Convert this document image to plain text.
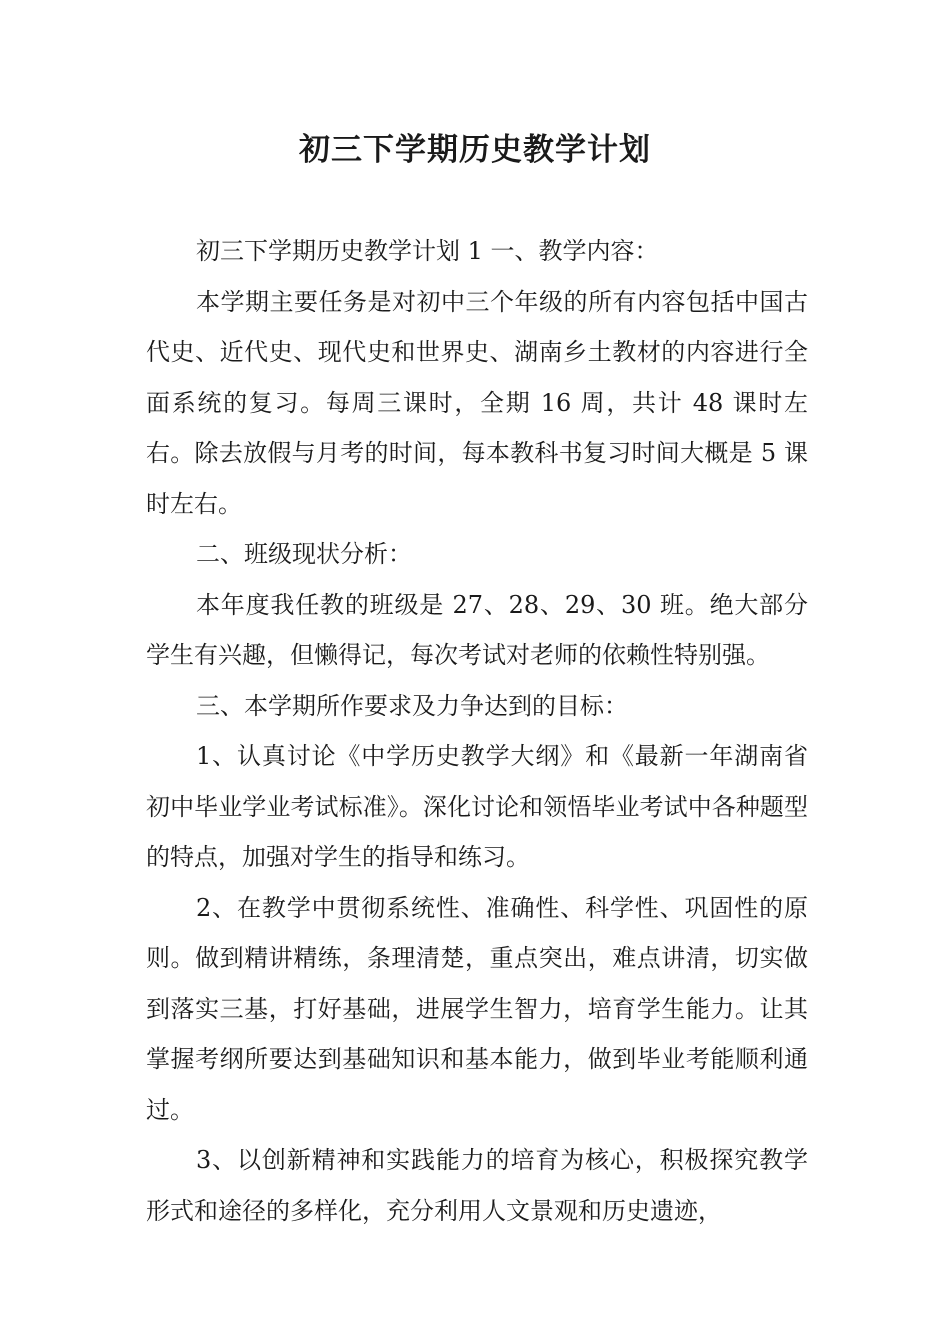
初三下学期历史教学计划

初三下学期历史教学计划 1 一、教学内容：

本学期主要任务是对初中三个年级的所有内容包括中国古代史、近代史、现代史和世界史、湖南乡土教材的内容进行全面系统的复习。每周三课时，全期 16 周，共计 48 课时左右。除去放假与月考的时间，每本教科书复习时间大概是 5 课时左右。

二、班级现状分析：

本年度我任教的班级是 27、28、29、30 班。绝大部分学生有兴趣，但懒得记，每次考试对老师的依赖性特别强。

三、本学期所作要求及力争达到的目标：

1、认真讨论《中学历史教学大纲》和《最新一年湖南省初中毕业学业考试标准》。深化讨论和领悟毕业考试中各种题型的特点，加强对学生的指导和练习。

2、在教学中贯彻系统性、准确性、科学性、巩固性的原则。做到精讲精练，条理清楚，重点突出，难点讲清，切实做到落实三基，打好基础，进展学生智力，培育学生能力。让其掌握考纲所要达到基础知识和基本能力，做到毕业考能顺利通过。

3、以创新精神和实践能力的培育为核心，积极探究教学形式和途径的多样化，充分利用人文景观和历史遗迹，
